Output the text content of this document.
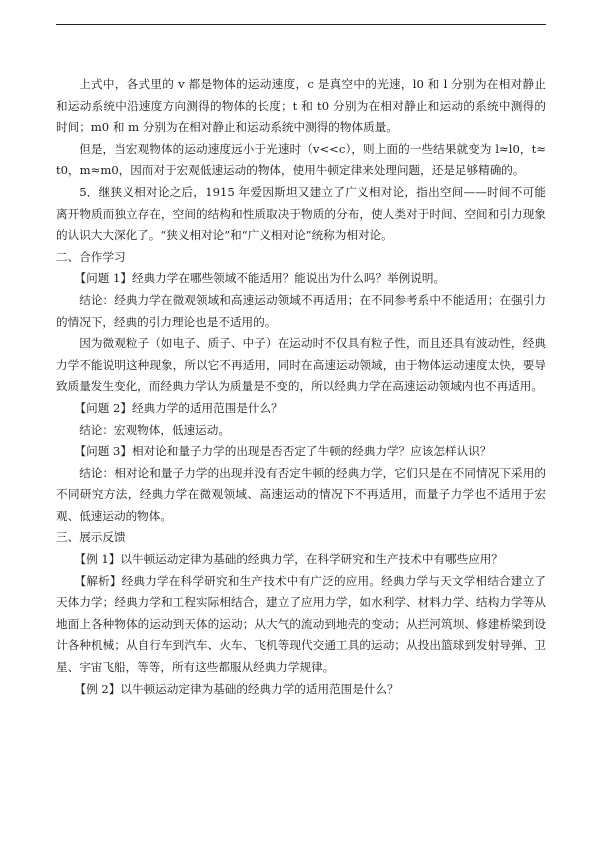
上式中，各式里的 v 都是物体的运动速度，c 是真空中的光速，l0 和 l 分别为在相对静止和运动系统中沿速度方向测得的物体的长度；t 和 t0 分别为在相对静止和运动的系统中测得的时间；m0 和 m 分别为在相对静止和运动系统中测得的物体质量。

但是，当宏观物体的运动速度远小于光速时（v<<c），则上面的一些结果就变为 l≈l0，t≈t0，m≈m0，因而对于宏观低速运动的物体，使用牛顿定律来处理问题，还是足够精确的。

5．继狭义相对论之后，1915 年爱因斯坦又建立了广义相对论，指出空间——时间不可能离开物质而独立存在，空间的结构和性质取决于物质的分布，使人类对于时间、空间和引力现象的认识大大深化了。“狭义相对论”和“广义相对论”统称为相对论。

二、合作学习

【问题 1】经典力学在哪些领域不能适用？能说出为什么吗？举例说明。

结论：经典力学在微观领域和高速运动领域不再适用；在不同参考系中不能适用；在强引力的情况下，经典的引力理论也是不适用的。

因为微观粒子（如电子、质子、中子）在运动时不仅具有粒子性，而且还具有波动性，经典力学不能说明这种现象，所以它不再适用，同时在高速运动领域，由于物体运动速度太快，要导致质量发生变化，而经典力学认为质量是不变的，所以经典力学在高速运动领域内也不再适用。

【问题 2】经典力学的适用范围是什么？

结论：宏观物体，低速运动。

【问题 3】相对论和量子力学的出现是否否定了牛顿的经典力学？应该怎样认识？

结论：相对论和量子力学的出现并没有否定牛顿的经典力学，它们只是在不同情况下采用的不同研究方法，经典力学在微观领域、高速运动的情况下不再适用，而量子力学也不适用于宏观、低速运动的物体。

三、展示反馈

【例 1】以牛顿运动定律为基础的经典力学，在科学研究和生产技术中有哪些应用？

【解析】经典力学在科学研究和生产技术中有广泛的应用。经典力学与天文学相结合建立了天体力学；经典力学和工程实际相结合，建立了应用力学，如水利学、材料力学、结构力学等从地面上各种物体的运动到天体的运动；从大气的流动到地壳的变动；从拦河筑坝、修建桥梁到设计各种机械；从自行车到汽车、火车、飞机等现代交通工具的运动；从投出篮球到发射导弹、卫星、宇宙飞船，等等，所有这些都服从经典力学规律。

【例 2】以牛顿运动定律为基础的经典力学的适用范围是什么？
